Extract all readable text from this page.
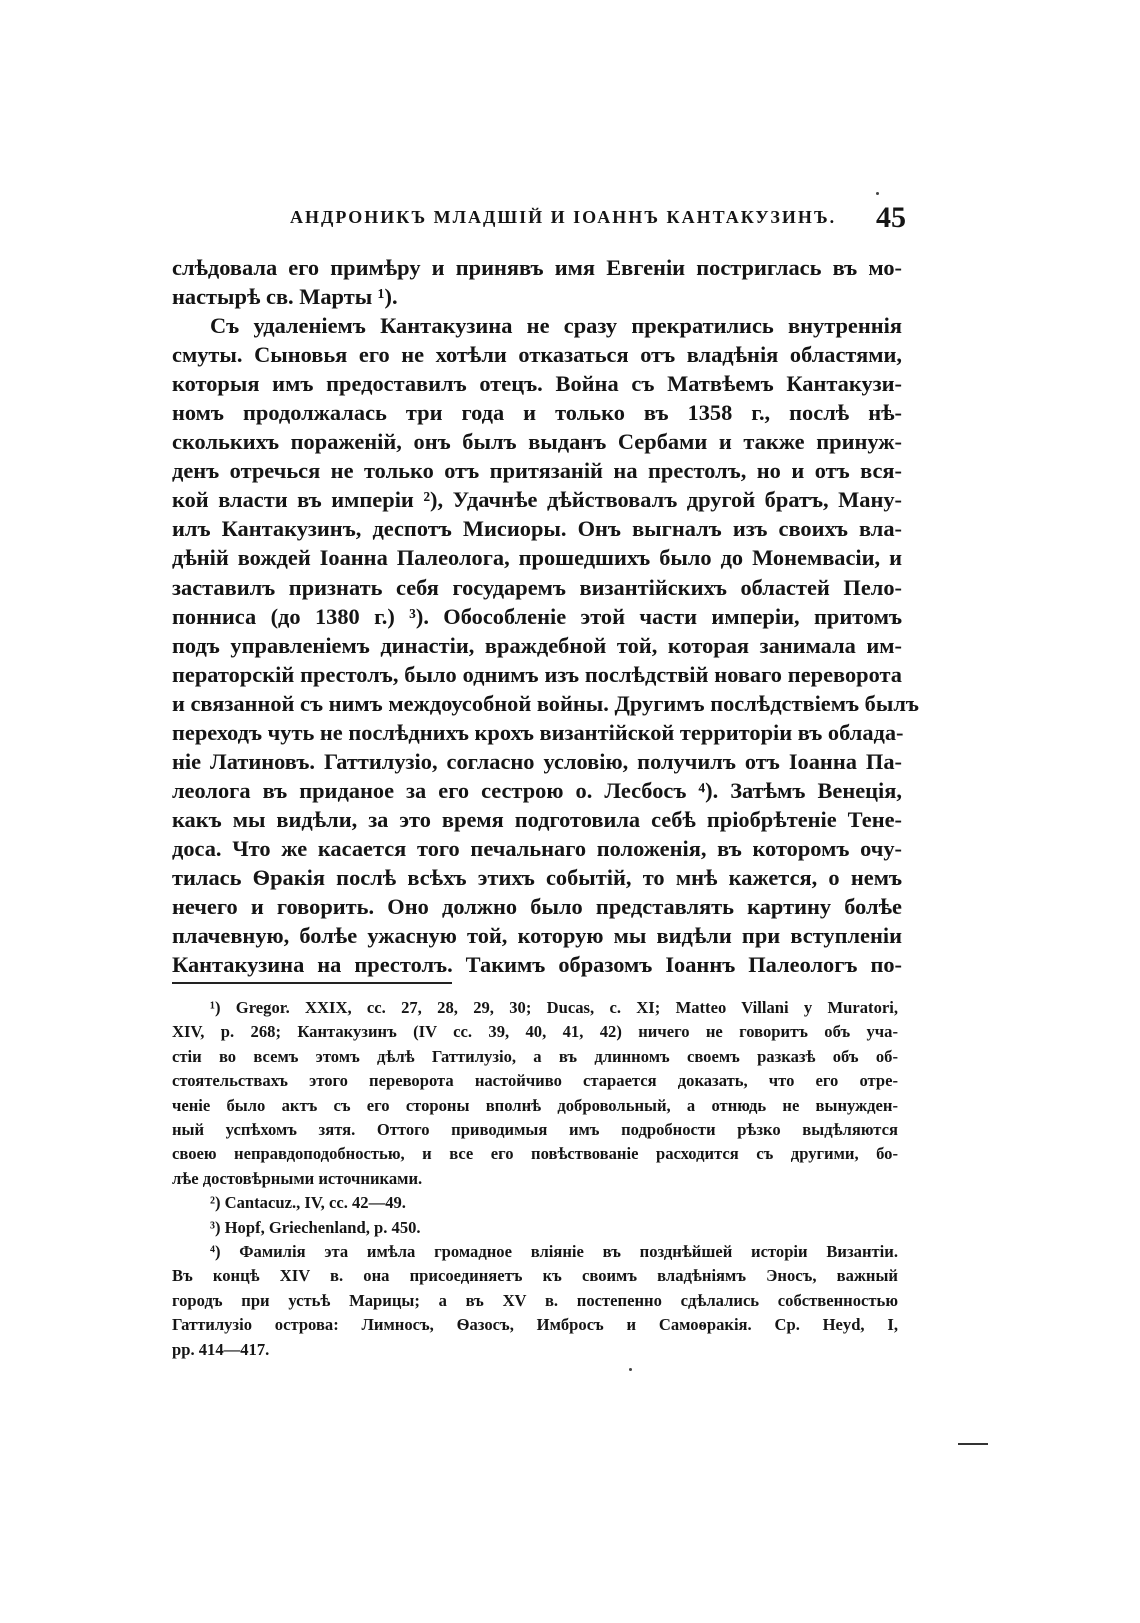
АНДРОНИКЪ МЛАДШІЙ И ІОАННЪ КАНТАКУЗИНЪ. 45
слѣдовала его примѣру и принявъ имя Евгеніи постриглась въ мо-
настырѣ св. Марты ¹).
Съ удаленіемъ Кантакузина не сразу прекратились внутреннія
смуты. Сыновья его не хотѣли отказаться отъ владѣнія областями,
которыя имъ предоставилъ отецъ. Война съ Матвѣемъ Кантакузи-
номъ продолжалась три года и только въ 1358 г., послѣ нѣ-
сколькихъ пораженій, онъ былъ выданъ Сербами и также принуж-
денъ отречься не только отъ притязаній на престолъ, но и отъ вся-
кой власти въ имперіи ²), Удачнѣе дѣйствовалъ другой братъ, Ману-
илъ Кантакузинъ, деспотъ Мисиоры. Онъ выгналъ изъ своихъ вла-
дѣній вождей Іоанна Палеолога, прошедшихъ было до Монемвасіи, и
заставилъ признать себя государемъ византійскихъ областей Пело-
понниса (до 1380 г.) ³). Обособленіе этой части имперіи, притомъ
подъ управленіемъ династіи, враждебной той, которая занимала им-
ператорскій престолъ, было однимъ изъ послѣдствій новаго переворота
и связанной съ нимъ междоусобной войны. Другимъ послѣдствіемъ былъ
переходъ чуть не послѣднихъ крохъ византійской территоріи въ облада-
ніе Латиновъ. Гаттилузіо, согласно условію, получилъ отъ Іоанна Па-
леолога въ приданое за его сестрою о. Лесбосъ ⁴). Затѣмъ Венеція,
какъ мы видѣли, за это время подготовила себѣ пріобрѣтеніе Тене-
доса. Что же касается того печальнаго положенія, въ которомъ очу-
тилась Ѳракія послѣ всѣхъ этихъ событій, то мнѣ кажется, о немъ
нечего и говорить. Оно должно было представлять картину болѣе
плачевную, болѣе ужасную той, которую мы видѣли при вступленіи
Кантакузина на престолъ. Такимъ образомъ Іоаннъ Палеологъ по-
¹) Gregor. XXIX, cc. 27, 28, 29, 30; Ducas, c. XI; Matteo Villani y Muratori,
XIV, p. 268; Кантакузинъ (IV cc. 39, 40, 41, 42) ничего не говоритъ объ уча-
стіи во всемъ этомъ дѣлѣ Гаттилузіо, а въ длинномъ своемъ разказѣ объ об-
стоятельствахъ этого переворота настойчиво старается доказать, что его отре-
ченіе было актъ съ его стороны вполнѣ добровольный, а отнюдь не вынужден-
ный успѣхомъ зятя. Оттого приводимыя имъ подробности рѣзко выдѣляются
своею неправдоподобностью, и все его повѣствованіе расходится съ другими, бо-
лѣе достовѣрными источниками.
²) Cantacuz., IV, cc. 42—49.
³) Hopf, Griechenland, p. 450.
⁴) Фамилія эта имѣла громадное вліяніе въ позднѣйшей исторіи Византіи.
Въ концѣ XIV в. она присоединяетъ къ своимъ владѣніямъ Эносъ, важный
городъ при устьѣ Марицы; а въ XV в. постепенно сдѣлались собственностью
Гаттилузіо острова: Лимносъ, Ѳазосъ, Имбросъ и Самоѳракія. Ср. Heyd, I,
pp. 414—417.
